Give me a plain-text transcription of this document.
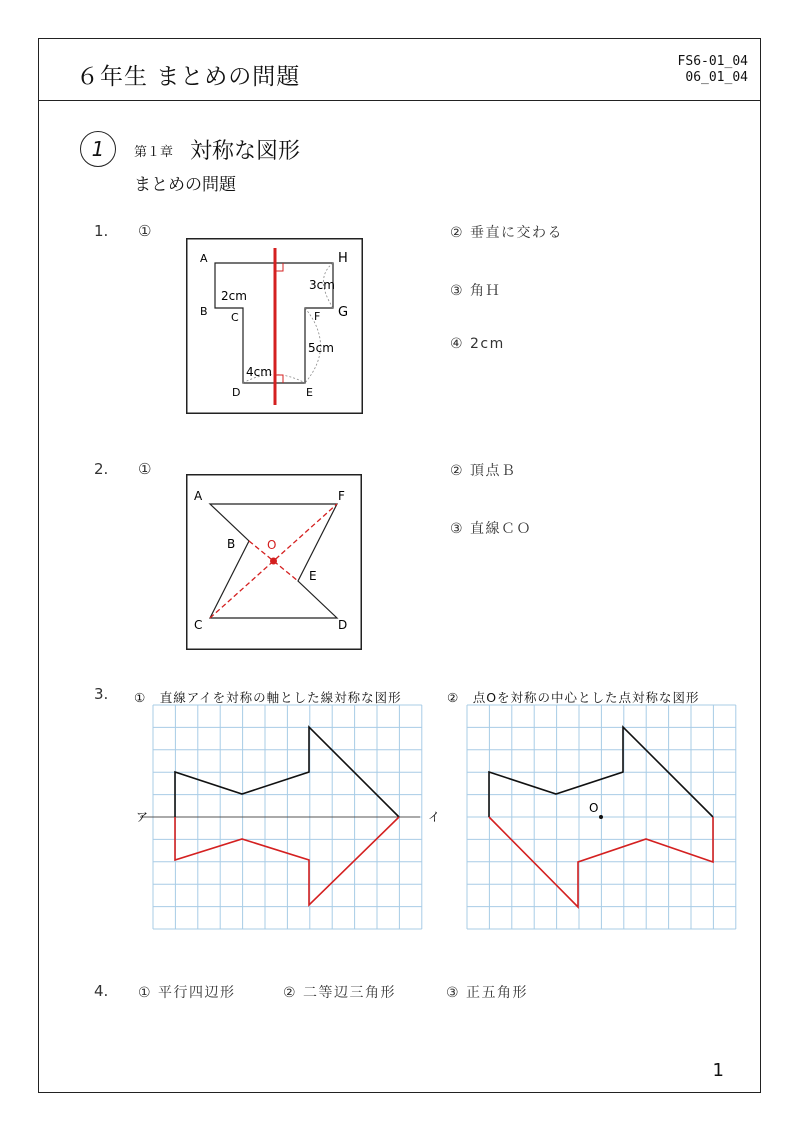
６年生 まとめの問題
FS6-01_04
06_01_04
1	第１章 対称な図形
まとめの問題
1. ①	② 垂直に交わる
③ 角Ｈ
④ 2cm
A
B C
D	E
F G
H
2cm
3cm
4cm
5cm
2. ①	② 頂点Ｂ
③ 直線ＣＯ
A
B
C	D
E
F
O
3. ①　直線アイを対称の軸とした線対称な図形	②　点Oを対称の中心とした点対称な図形
ア	イ
O
4. ① 平行四辺形	② 二等辺三角形	③ 正五角形
1
